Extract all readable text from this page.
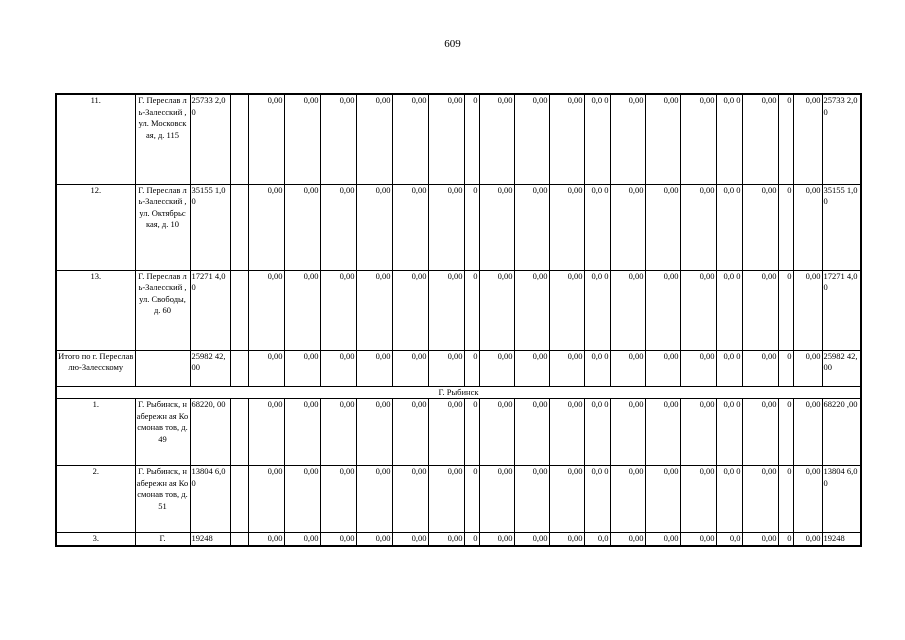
609
11.	Г. Переслав ль-Залесский , ул. Московск ая, д. 115	25733 2,00		0,00	0,00	0,00	0,00	0,00	0,00	0	0,00	0,00	0,00	0,0 0	0,00	0,00	0,00	0,0 0	0,00	0	0,00	25733 2,00
12.	Г. Переслав ль-Залесский , ул. Октябрьс кая, д. 10	35155 1,00		0,00	0,00	0,00	0,00	0,00	0,00	0	0,00	0,00	0,00	0,0 0	0,00	0,00	0,00	0,0 0	0,00	0	0,00	35155 1,00
13.	Г. Переслав ль-Залесский , ул. Свободы, д. 60	17271 4,00		0,00	0,00	0,00	0,00	0,00	0,00	0	0,00	0,00	0,00	0,0 0	0,00	0,00	0,00	0,0 0	0,00	0	0,00	17271 4,00
Итого по г. Переславлю-Залесскому		25982 42,00		0,00	0,00	0,00	0,00	0,00	0,00	0	0,00	0,00	0,00	0,0 0	0,00	0,00	0,00	0,0 0	0,00	0	0,00	25982 42,00
Г. Рыбинск																						
1.	Г. Рыбинск, набережн ая Космонав тов, д. 49	68220, 00		0,00	0,00	0,00	0,00	0,00	0,00	0	0,00	0,00	0,00	0,0 0	0,00	0,00	0,00	0,0 0	0,00	0	0,00	68220 ,00
2.	Г. Рыбинск, набережн ая Космонав тов, д. 51	13804 6,00		0,00	0,00	0,00	0,00	0,00	0,00	0	0,00	0,00	0,00	0,0 0	0,00	0,00	0,00	0,0 0	0,00	0	0,00	13804 6,00
3.	Г.	19248		0,00	0,00	0,00	0,00	0,00	0,00	0	0,00	0,00	0,00	0,0	0,00	0,00	0,00	0,0	0,00	0	0,00	19248
